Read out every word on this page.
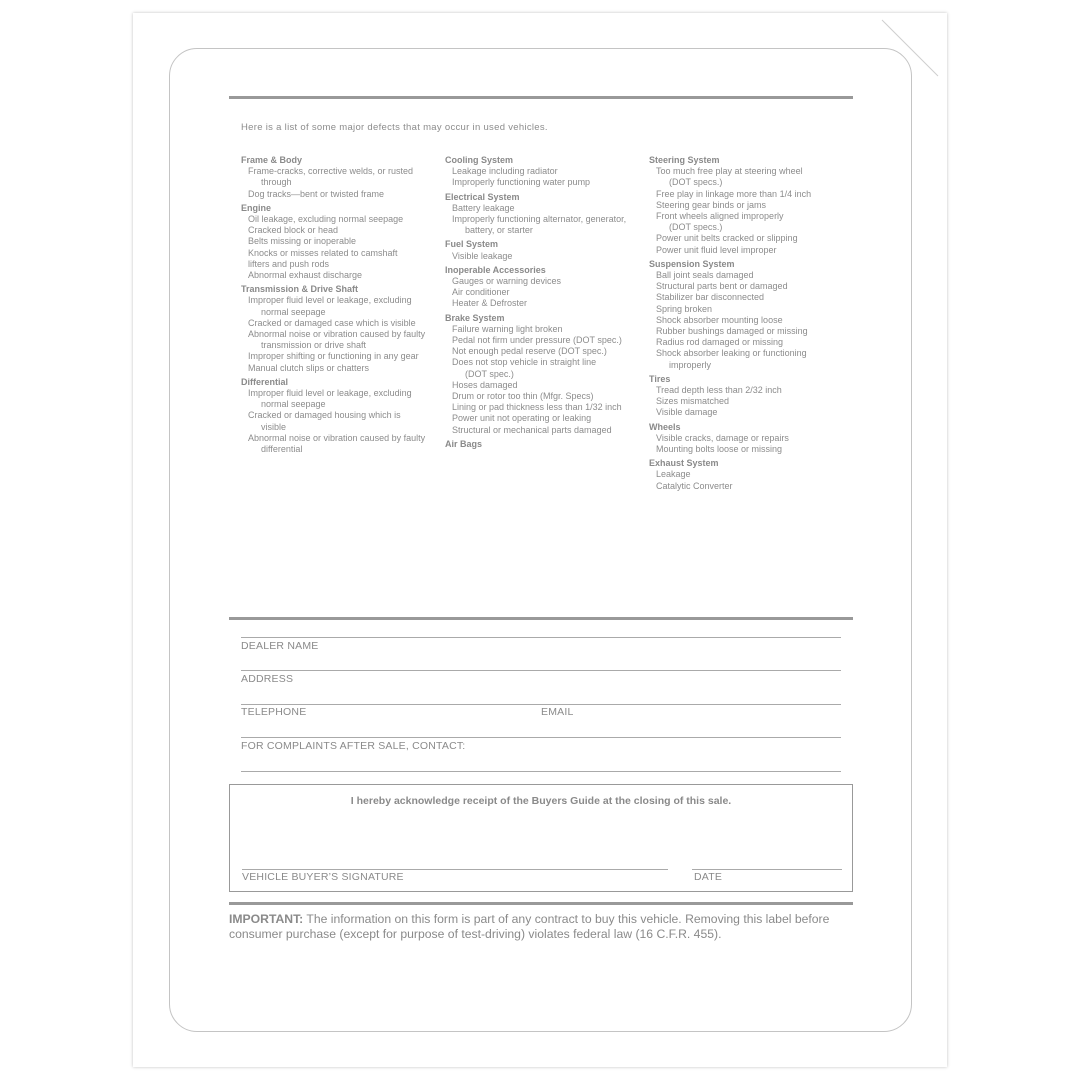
Here is a list of some major defects that may occur in used vehicles.
Frame & Body
Frame-cracks, corrective welds, or rusted
through
Dog tracks—bent or twisted frame
Engine
Oil leakage, excluding normal seepage
Cracked block or head
Belts missing or inoperable
Knocks or misses related to camshaft
lifters and push rods
Abnormal exhaust discharge
Transmission & Drive Shaft
Improper fluid level or leakage, excluding
normal seepage
Cracked or damaged case which is visible
Abnormal noise or vibration caused by faulty
transmission or drive shaft
Improper shifting or functioning in any gear
Manual clutch slips or chatters
Differential
Improper fluid level or leakage, excluding
normal seepage
Cracked or damaged housing which is
visible
Abnormal noise or vibration caused by faulty
differential
Cooling System
Leakage including radiator
Improperly functioning water pump
Electrical System
Battery leakage
Improperly functioning alternator, generator,
battery, or starter
Fuel System
Visible leakage
Inoperable Accessories
Gauges or warning devices
Air conditioner
Heater & Defroster
Brake System
Failure warning light broken
Pedal not firm under pressure (DOT spec.)
Not enough pedal reserve (DOT spec.)
Does not stop vehicle in straight line
(DOT spec.)
Hoses damaged
Drum or rotor too thin (Mfgr. Specs)
Lining or pad thickness less than 1/32 inch
Power unit not operating or leaking
Structural or mechanical parts damaged
Air Bags
Steering System
Too much free play at steering wheel
(DOT specs.)
Free play in linkage more than 1/4 inch
Steering gear binds or jams
Front wheels aligned improperly
(DOT specs.)
Power unit belts cracked or slipping
Power unit fluid level improper
Suspension System
Ball joint seals damaged
Structural parts bent or damaged
Stabilizer bar disconnected
Spring broken
Shock absorber mounting loose
Rubber bushings damaged or missing
Radius rod damaged or missing
Shock absorber leaking or functioning
improperly
Tires
Tread depth less than 2/32 inch
Sizes mismatched
Visible damage
Wheels
Visible cracks, damage or repairs
Mounting bolts loose or missing
Exhaust System
Leakage
Catalytic Converter
DEALER NAME
ADDRESS
TELEPHONE	EMAIL
FOR COMPLAINTS AFTER SALE, CONTACT:
I hereby acknowledge receipt of the Buyers Guide at the closing of this sale.
VEHICLE BUYER’S SIGNATURE	DATE
IMPORTANT: The information on this form is part of any contract to buy this vehicle. Removing this label before consumer purchase (except for purpose of test-driving) violates federal law (16 C.F.R. 455).
